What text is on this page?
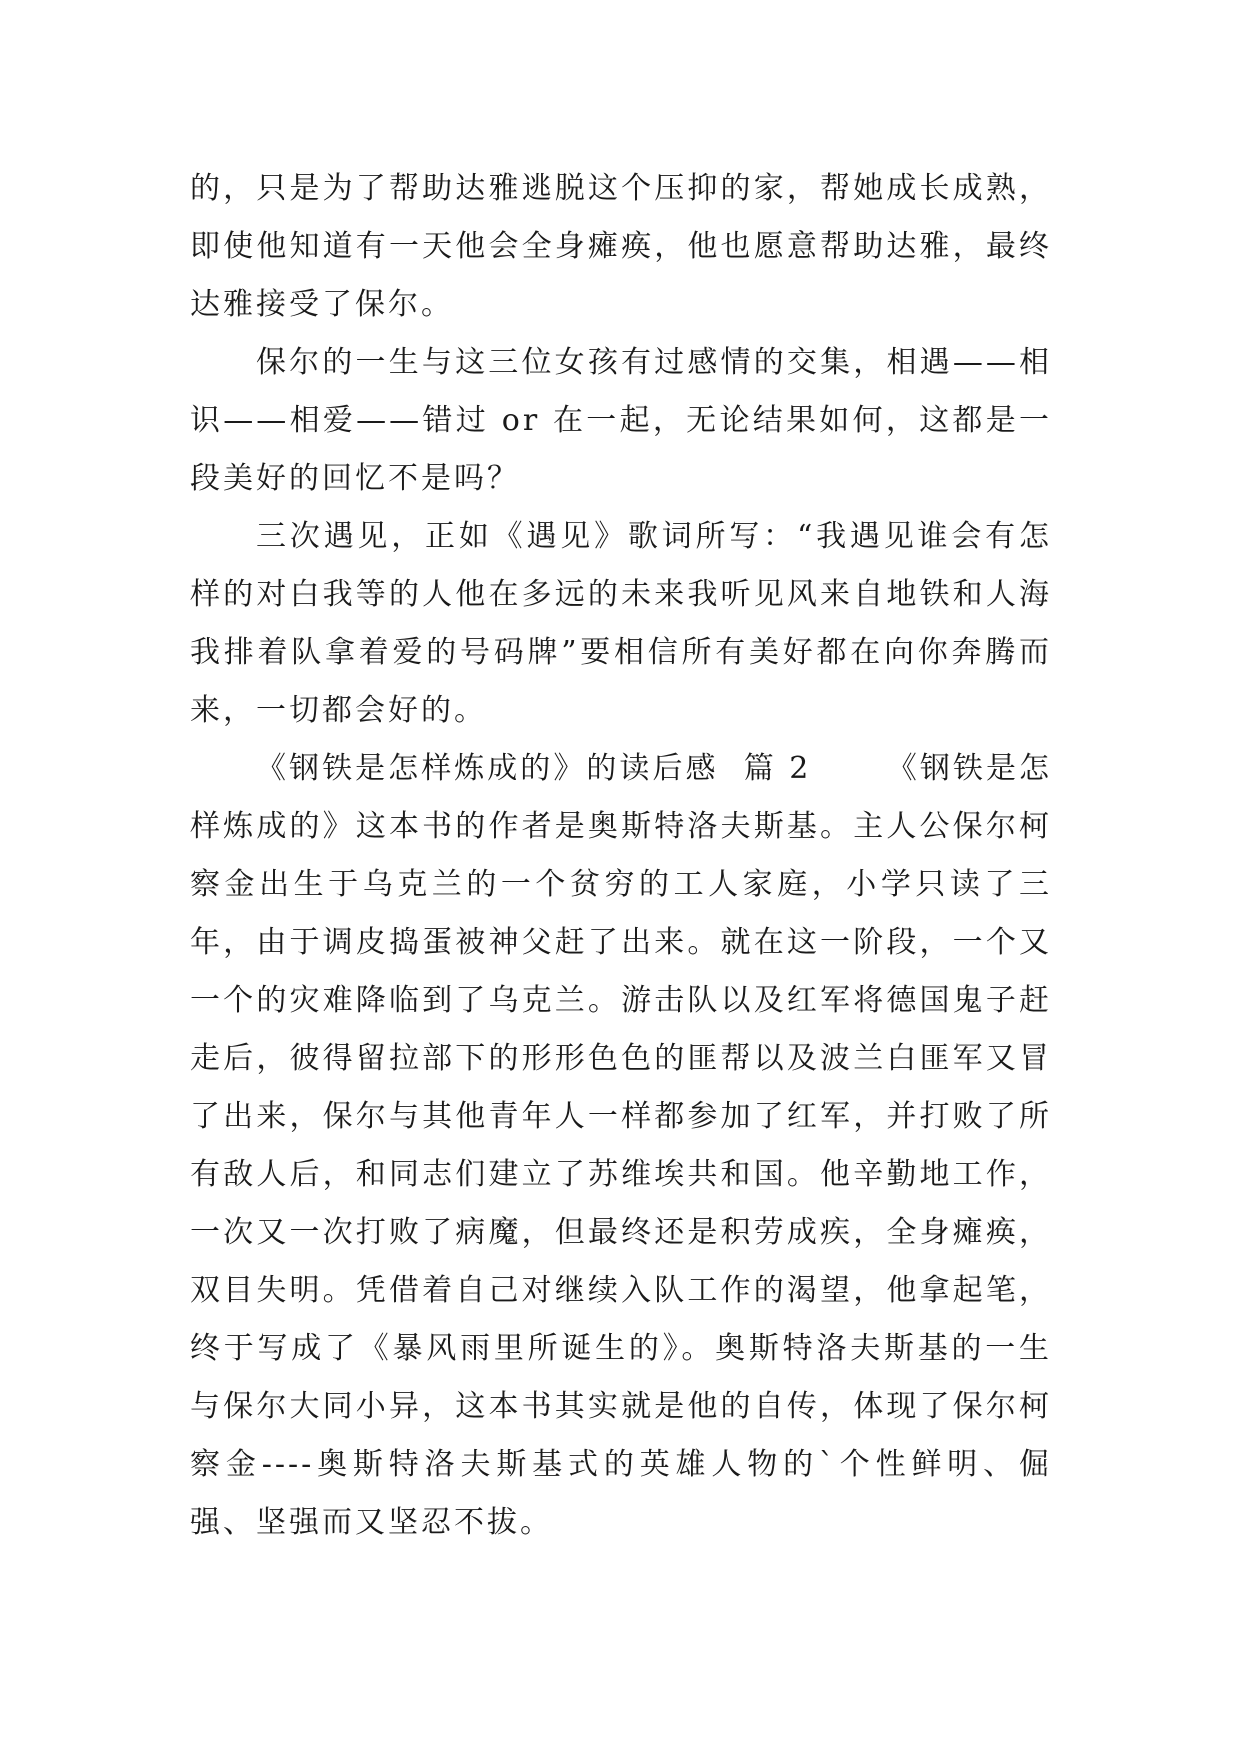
的，只是为了帮助达雅逃脱这个压抑的家，帮她成长成熟，即使他知道有一天他会全身瘫痪，他也愿意帮助达雅，最终达雅接受了保尔。

保尔的一生与这三位女孩有过感情的交集，相遇——相识——相爱——错过 or 在一起，无论结果如何，这都是一段美好的回忆不是吗？

三次遇见，正如《遇见》歌词所写：“我遇见谁会有怎样的对白我等的人他在多远的未来我听见风来自地铁和人海我排着队拿着爱的号码牌”要相信所有美好都在向你奔腾而来，一切都会好的。

《钢铁是怎样炼成的》的读后感  篇 2      《钢铁是怎样炼成的》这本书的作者是奥斯特洛夫斯基。主人公保尔柯察金出生于乌克兰的一个贫穷的工人家庭，小学只读了三年，由于调皮捣蛋被神父赶了出来。就在这一阶段，一个又一个的灾难降临到了乌克兰。游击队以及红军将德国鬼子赶走后，彼得留拉部下的形形色色的匪帮以及波兰白匪军又冒了出来，保尔与其他青年人一样都参加了红军，并打败了所有敌人后，和同志们建立了苏维埃共和国。他辛勤地工作，一次又一次打败了病魔，但最终还是积劳成疾，全身瘫痪，双目失明。凭借着自己对继续入队工作的渴望，他拿起笔，终于写成了《暴风雨里所诞生的》。奥斯特洛夫斯基的一生与保尔大同小异，这本书其实就是他的自传，体现了保尔柯察金----奥斯特洛夫斯基式的英雄人物的`个性鲜明、倔强、坚强而又坚忍不拔。
